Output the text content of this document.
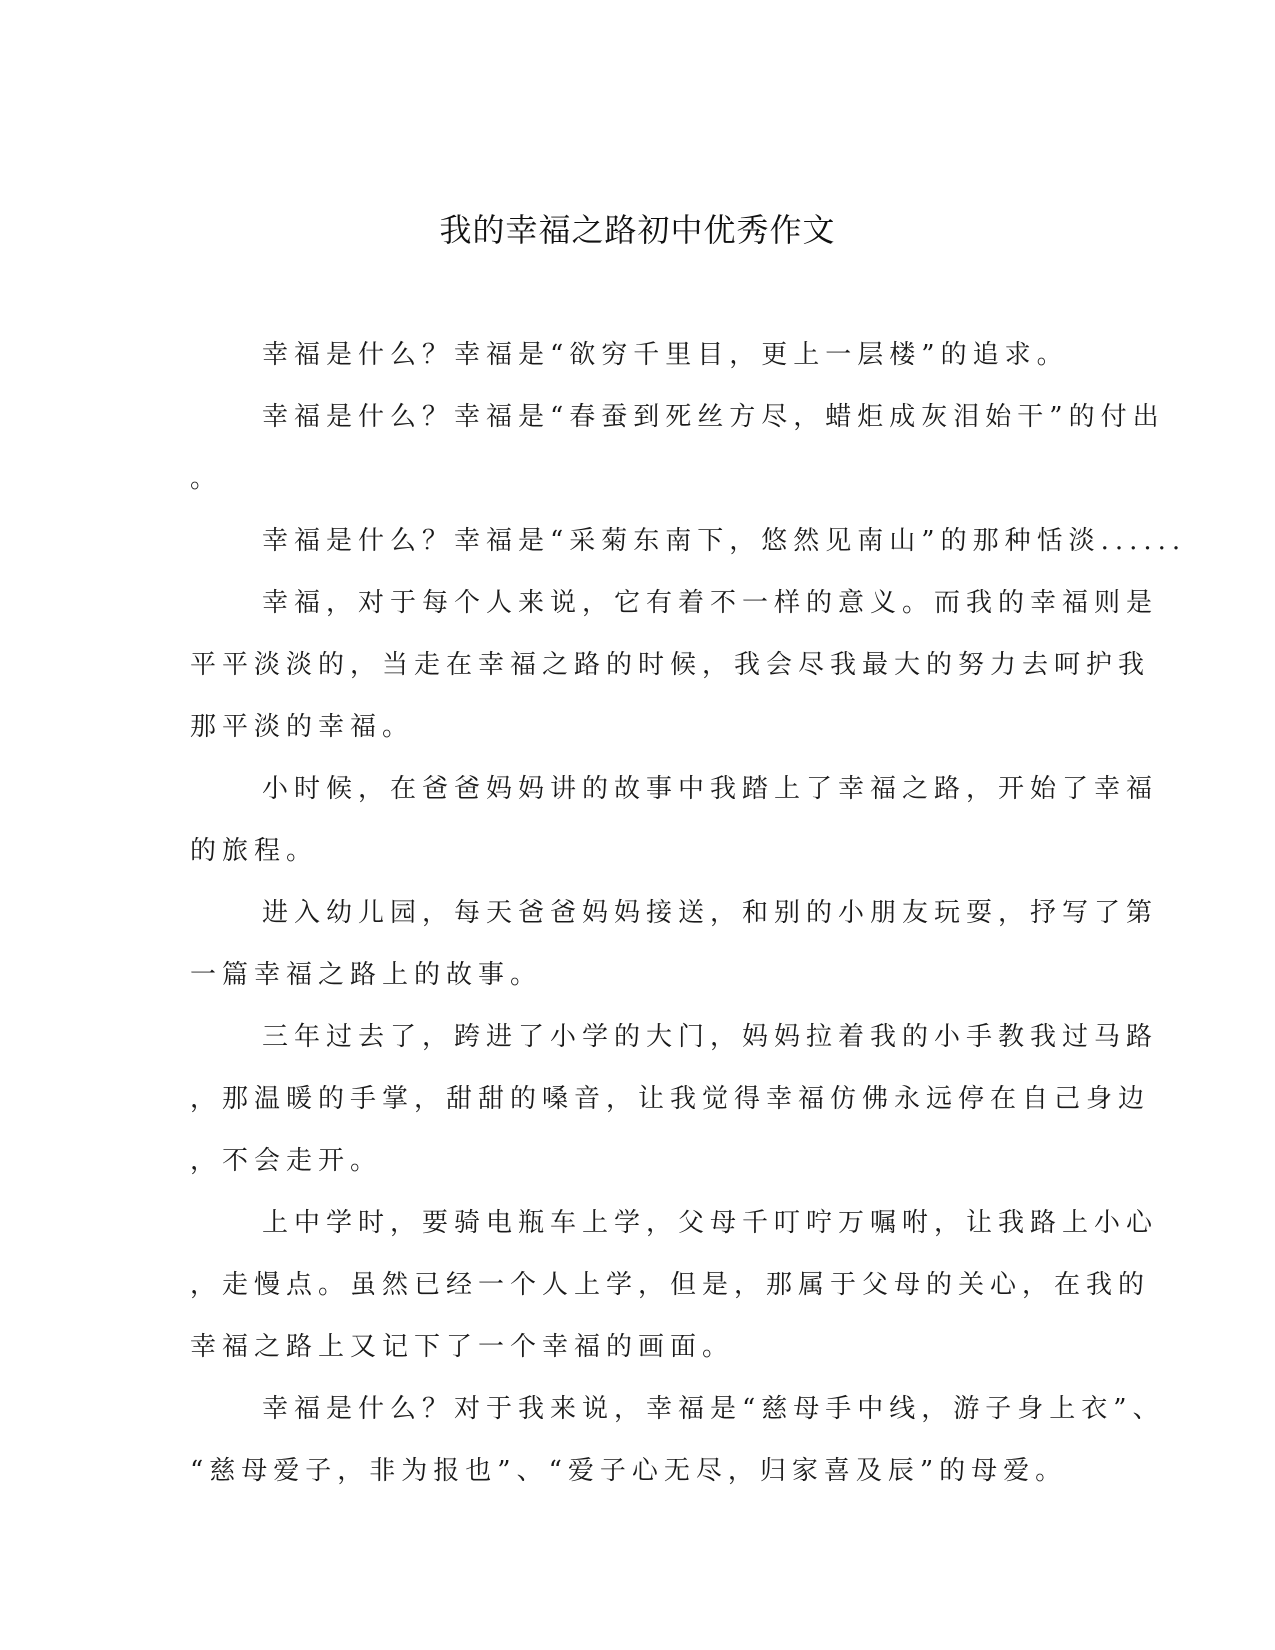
我的幸福之路初中优秀作文
幸福是什么？幸福是“欲穷千里目，更上一层楼”的追求。
幸福是什么？幸福是“春蚕到死丝方尽，蜡炬成灰泪始干”的付出
。
幸福是什么？幸福是“采菊东南下，悠然见南山”的那种恬淡......
幸福，对于每个人来说，它有着不一样的意义。而我的幸福则是
平平淡淡的，当走在幸福之路的时候，我会尽我最大的努力去呵护我
那平淡的幸福。
小时候，在爸爸妈妈讲的故事中我踏上了幸福之路，开始了幸福
的旅程。
进入幼儿园，每天爸爸妈妈接送，和别的小朋友玩耍，抒写了第
一篇幸福之路上的故事。
三年过去了，跨进了小学的大门，妈妈拉着我的小手教我过马路
，那温暖的手掌，甜甜的嗓音，让我觉得幸福仿佛永远停在自己身边
，不会走开。
上中学时，要骑电瓶车上学，父母千叮咛万嘱咐，让我路上小心
，走慢点。虽然已经一个人上学，但是，那属于父母的关心，在我的
幸福之路上又记下了一个幸福的画面。
幸福是什么？对于我来说，幸福是“慈母手中线，游子身上衣”、
“慈母爱子，非为报也”、“爱子心无尽，归家喜及辰”的母爱。
